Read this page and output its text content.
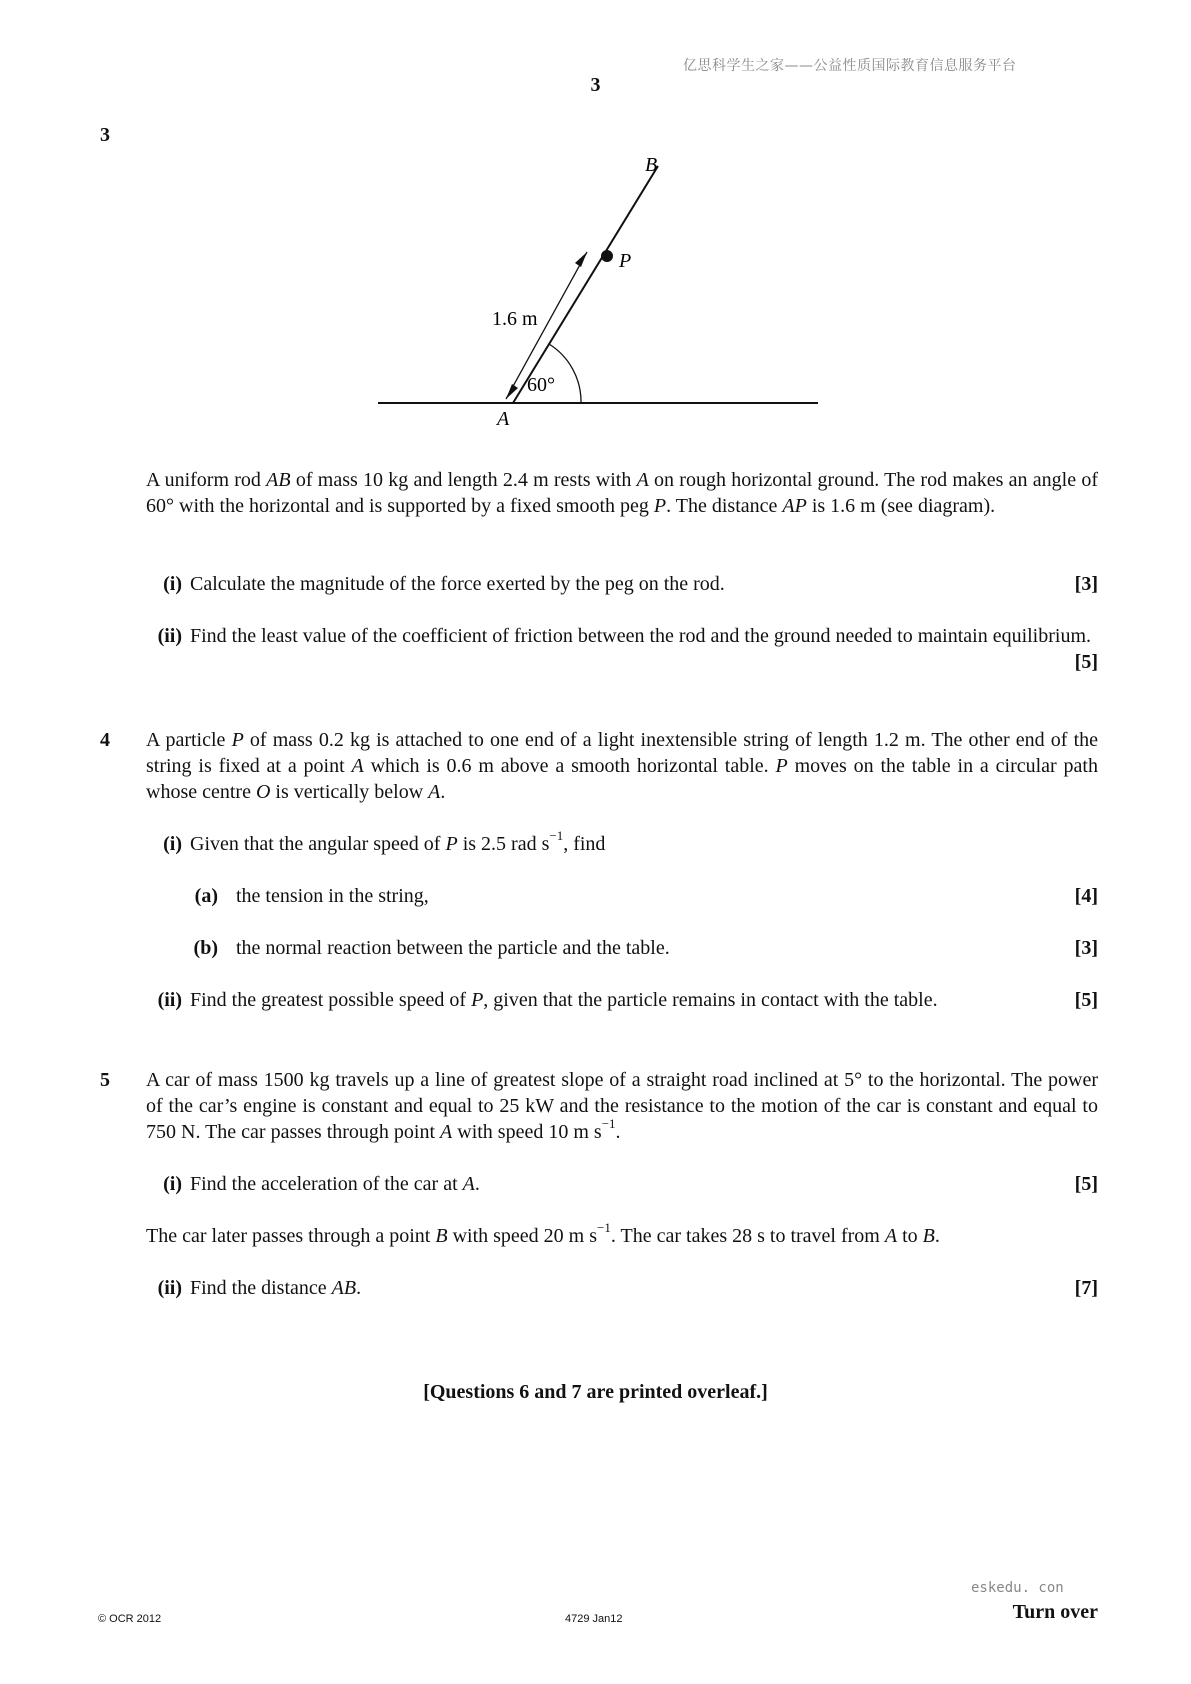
亿思科学生之家——公益性质国际教育信息服务平台
3
3
B
P
A
1.6 m
60°
A uniform rod AB of mass 10 kg and length 2.4 m rests with A on rough horizontal ground. The rod makes an angle of 60° with the horizontal and is supported by a fixed smooth peg P. The distance AP is 1.6 m (see diagram).
(i) Calculate the magnitude of the force exerted by the peg on the rod.	[3]
(ii) Find the least value of the coefficient of friction between the rod and the ground needed to maintain equilibrium.
[5]
4 A particle P of mass 0.2 kg is attached to one end of a light inextensible string of length 1.2 m. The other end of the string is fixed at a point A which is 0.6 m above a smooth horizontal table. P moves on the table in a circular path whose centre O is vertically below A.
(i) Given that the angular speed of P is 2.5 rad $s^{-1}$, find
(a) the tension in the string,	[4]
(b) the normal reaction between the particle and the table.	[3]
(ii) Find the greatest possible speed of P, given that the particle remains in contact with the table.	[5]
5 A car of mass 1500 kg travels up a line of greatest slope of a straight road inclined at 5° to the horizontal. The power of the car’s engine is constant and equal to 25 kW and the resistance to the motion of the car is constant and equal to 750 N. The car passes through point A with speed 10 m $s^{-1}$.
(i) Find the acceleration of the car at A.	[5]
The car later passes through a point B with speed 20 m $s^{-1}$. The car takes 28 s to travel from A to B.
(ii) Find the distance AB.	[7]
[Questions 6 and 7 are printed overleaf.]
eskedu. con
© OCR 2012	4729 Jan12	Turn over
